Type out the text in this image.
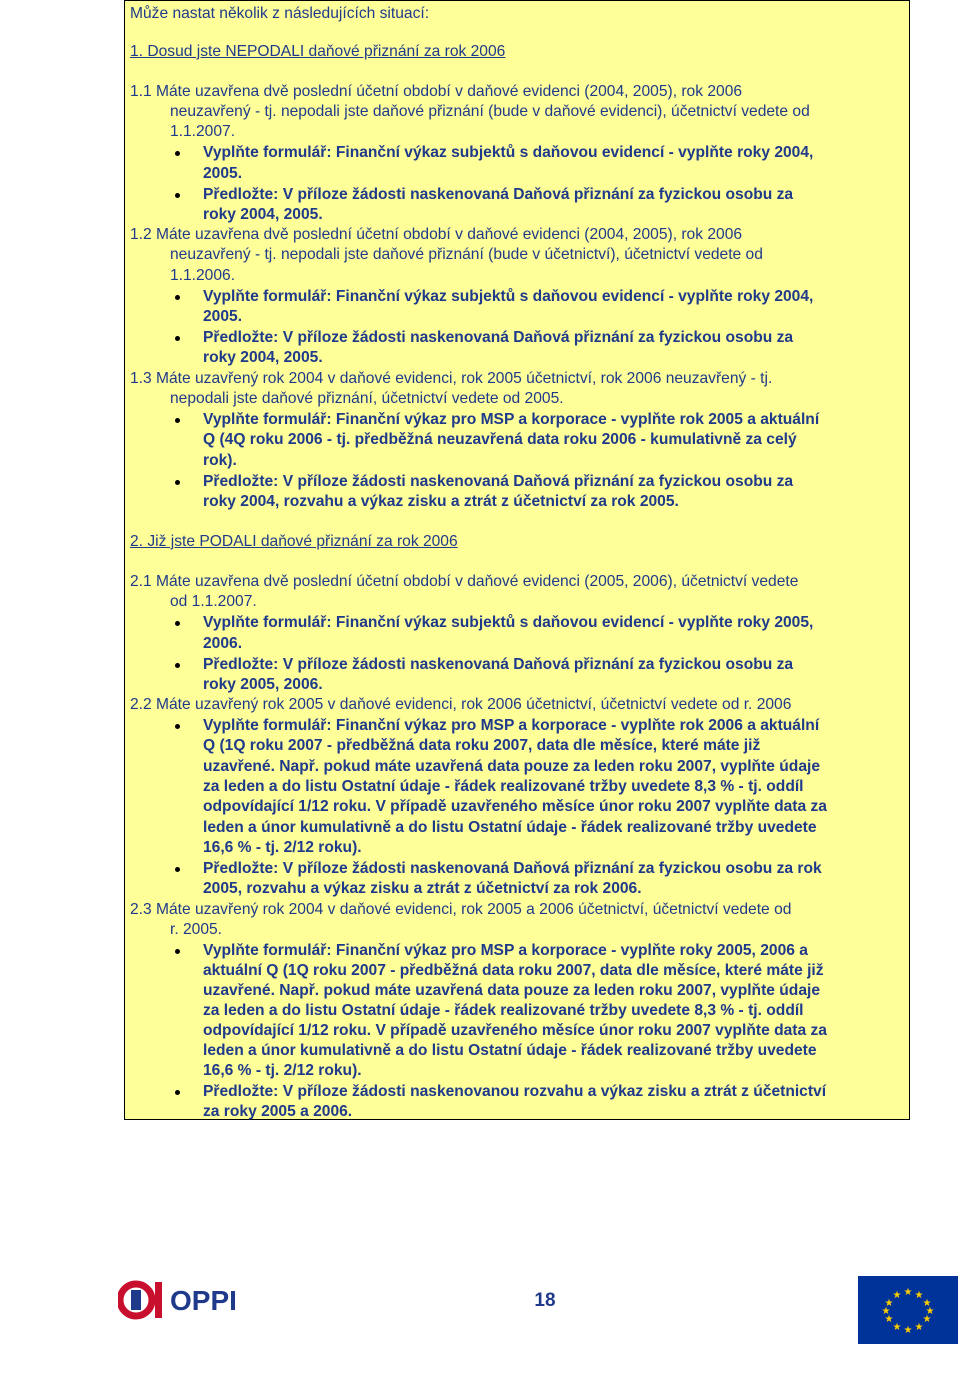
Může nastat několik z následujících situací:

1. Dosud jste NEPODALI daňové přiznání za rok 2006

1.1 Máte uzavřena dvě poslední účetní období v daňové evidenci (2004, 2005), rok 2006

neuzavřený - tj. nepodali jste daňové přiznání (bude v daňové evidenci), účetnictví vedete od

1.1.2007.

Vyplňte formulář: Finanční výkaz subjektů s daňovou evidencí - vyplňte roky 2004,

2005.

Předložte: V příloze žádosti naskenovaná Daňová přiznání za fyzickou osobu za

roky 2004, 2005.

1.2 Máte uzavřena dvě poslední účetní období v daňové evidenci (2004, 2005), rok 2006

neuzavřený - tj. nepodali jste daňové přiznání (bude v účetnictví), účetnictví vedete od

1.1.2006.

Vyplňte formulář: Finanční výkaz subjektů s daňovou evidencí - vyplňte roky 2004,

2005.

Předložte: V příloze žádosti naskenovaná Daňová přiznání za fyzickou osobu za

roky 2004, 2005.

1.3 Máte uzavřený rok 2004 v daňové evidenci, rok 2005 účetnictví, rok 2006 neuzavřený - tj.

nepodali jste daňové přiznání, účetnictví vedete od 2005.

Vyplňte formulář: Finanční výkaz pro MSP a korporace - vyplňte rok 2005 a aktuální

Q (4Q roku 2006 - tj. předběžná neuzavřená data roku 2006 - kumulativně za celý

rok).

Předložte: V příloze žádosti naskenovaná Daňová přiznání za fyzickou osobu za

roky 2004, rozvahu a výkaz zisku a ztrát z účetnictví za rok 2005.

2. Již jste PODALI daňové přiznání za rok 2006

2.1 Máte uzavřena dvě poslední účetní období v daňové evidenci (2005, 2006), účetnictví vedete

od 1.1.2007.

Vyplňte formulář: Finanční výkaz subjektů s daňovou evidencí - vyplňte roky 2005,

2006.

Předložte: V příloze žádosti naskenovaná Daňová přiznání za fyzickou osobu za

roky 2005, 2006.

2.2 Máte uzavřený rok 2005 v daňové evidenci, rok 2006 účetnictví, účetnictví vedete od r. 2006

Vyplňte formulář: Finanční výkaz pro MSP a korporace - vyplňte rok 2006 a aktuální

Q (1Q roku 2007 - předběžná data roku 2007, data dle měsíce, které máte již

uzavřené. Např. pokud máte uzavřená data pouze za leden roku 2007, vyplňte údaje

za leden a do listu Ostatní údaje - řádek realizované tržby uvedete 8,3 % - tj. oddíl

odpovídající 1/12 roku. V případě uzavřeného měsíce únor roku 2007 vyplňte data za

leden a únor kumulativně a do listu Ostatní údaje - řádek realizované tržby uvedete

16,6 % - tj. 2/12 roku).

Předložte: V příloze žádosti naskenovaná Daňová přiznání za fyzickou osobu za rok

2005, rozvahu a výkaz zisku a ztrát z účetnictví za rok 2006.

2.3 Máte uzavřený rok 2004 v daňové evidenci, rok 2005 a 2006 účetnictví, účetnictví vedete od

r. 2005.

Vyplňte formulář: Finanční výkaz pro MSP a korporace - vyplňte roky 2005, 2006 a

aktuální Q (1Q roku 2007 - předběžná data roku 2007, data dle měsíce, které máte již

uzavřené. Např. pokud máte uzavřená data pouze za leden roku 2007, vyplňte údaje

za leden a do listu Ostatní údaje - řádek realizované tržby uvedete 8,3 % - tj. oddíl

odpovídající 1/12 roku. V případě uzavřeného měsíce únor roku 2007 vyplňte data za

leden a únor kumulativně a do listu Ostatní údaje - řádek realizované tržby uvedete

16,6 % - tj. 2/12 roku).

Předložte: V příloze žádosti naskenovanou rozvahu a výkaz zisku a ztrát z účetnictví

za roky 2005 a 2006.

OPPI	18	★ ★
★
★
★
★
★
★
★
★
★
★
